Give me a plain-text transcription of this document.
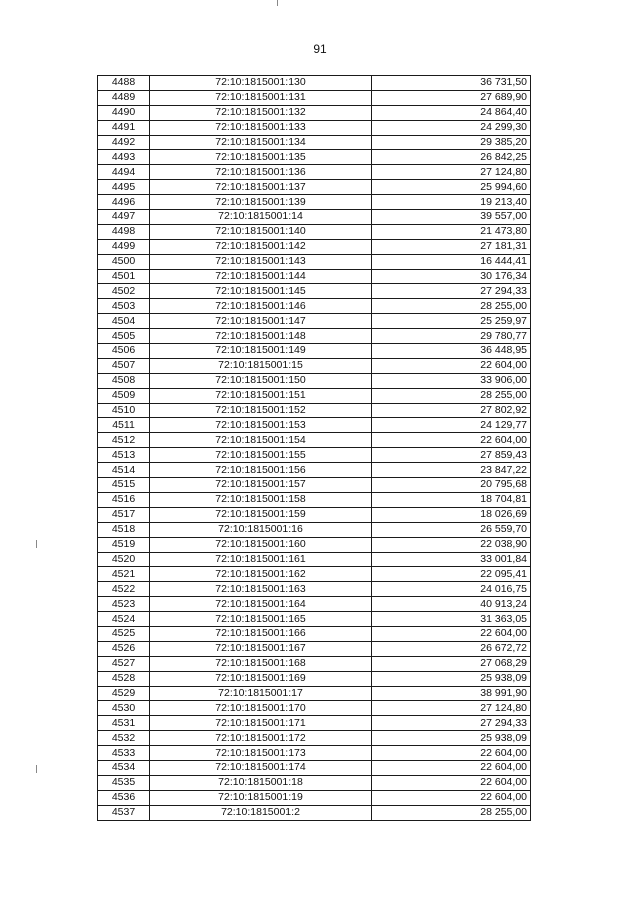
91
4488	72:10:1815001:130	36 731,50
4489	72:10:1815001:131	27 689,90
4490	72:10:1815001:132	24 864,40
4491	72:10:1815001:133	24 299,30
4492	72:10:1815001:134	29 385,20
4493	72:10:1815001:135	26 842,25
4494	72:10:1815001:136	27 124,80
4495	72:10:1815001:137	25 994,60
4496	72:10:1815001:139	19 213,40
4497	72:10:1815001:14	39 557,00
4498	72:10:1815001:140	21 473,80
4499	72:10:1815001:142	27 181,31
4500	72:10:1815001:143	16 444,41
4501	72:10:1815001:144	30 176,34
4502	72:10:1815001:145	27 294,33
4503	72:10:1815001:146	28 255,00
4504	72:10:1815001:147	25 259,97
4505	72:10:1815001:148	29 780,77
4506	72:10:1815001:149	36 448,95
4507	72:10:1815001:15	22 604,00
4508	72:10:1815001:150	33 906,00
4509	72:10:1815001:151	28 255,00
4510	72:10:1815001:152	27 802,92
4511	72:10:1815001:153	24 129,77
4512	72:10:1815001:154	22 604,00
4513	72:10:1815001:155	27 859,43
4514	72:10:1815001:156	23 847,22
4515	72:10:1815001:157	20 795,68
4516	72:10:1815001:158	18 704,81
4517	72:10:1815001:159	18 026,69
4518	72:10:1815001:16	26 559,70
4519	72:10:1815001:160	22 038,90
4520	72:10:1815001:161	33 001,84
4521	72:10:1815001:162	22 095,41
4522	72:10:1815001:163	24 016,75
4523	72:10:1815001:164	40 913,24
4524	72:10:1815001:165	31 363,05
4525	72:10:1815001:166	22 604,00
4526	72:10:1815001:167	26 672,72
4527	72:10:1815001:168	27 068,29
4528	72:10:1815001:169	25 938,09
4529	72:10:1815001:17	38 991,90
4530	72:10:1815001:170	27 124,80
4531	72:10:1815001:171	27 294,33
4532	72:10:1815001:172	25 938,09
4533	72:10:1815001:173	22 604,00
4534	72:10:1815001:174	22 604,00
4535	72:10:1815001:18	22 604,00
4536	72:10:1815001:19	22 604,00
4537	72:10:1815001:2	28 255,00
